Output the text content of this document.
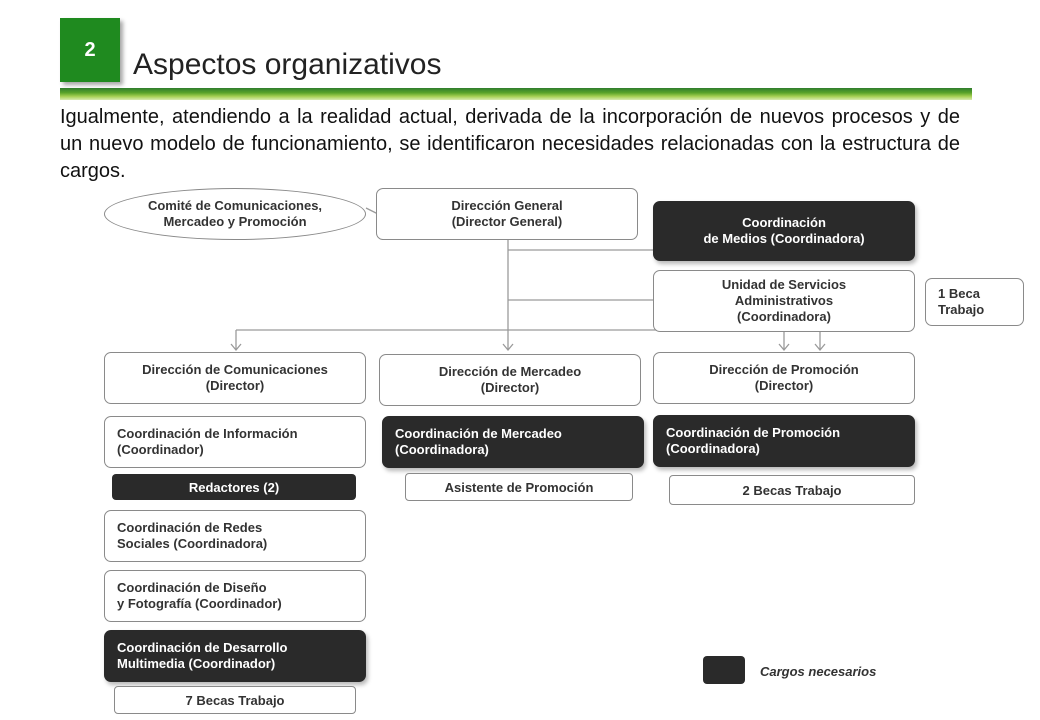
2	Aspectos organizativos
Igualmente, atendiendo a la realidad actual, derivada de la incorporación de nuevos procesos y de un nuevo modelo de funcionamiento, se identificaron necesidades relacionadas con la estructura de cargos.
Comité de Comunicaciones,
Mercadeo y Promoción
Dirección General
(Director General)	Coordinación
de Medios (Coordinadora)
Unidad de Servicios
Administrativos
(Coordinadora)
1 Beca
Trabajo
Dirección de Comunicaciones
(Director)
Dirección de Mercadeo
(Director)
Dirección de Promoción
(Director)
Coordinación de Información
(Coordinador)
Redactores (2)
Coordinación de Redes
Sociales (Coordinadora)
Coordinación de Diseño
y Fotografía (Coordinador)
Coordinación de Desarrollo
Multimedia (Coordinador)
7 Becas Trabajo
Coordinación de Mercadeo
(Coordinadora)
Asistente de Promoción
Coordinación de Promoción
(Coordinadora)
2 Becas Trabajo
Cargos necesarios
